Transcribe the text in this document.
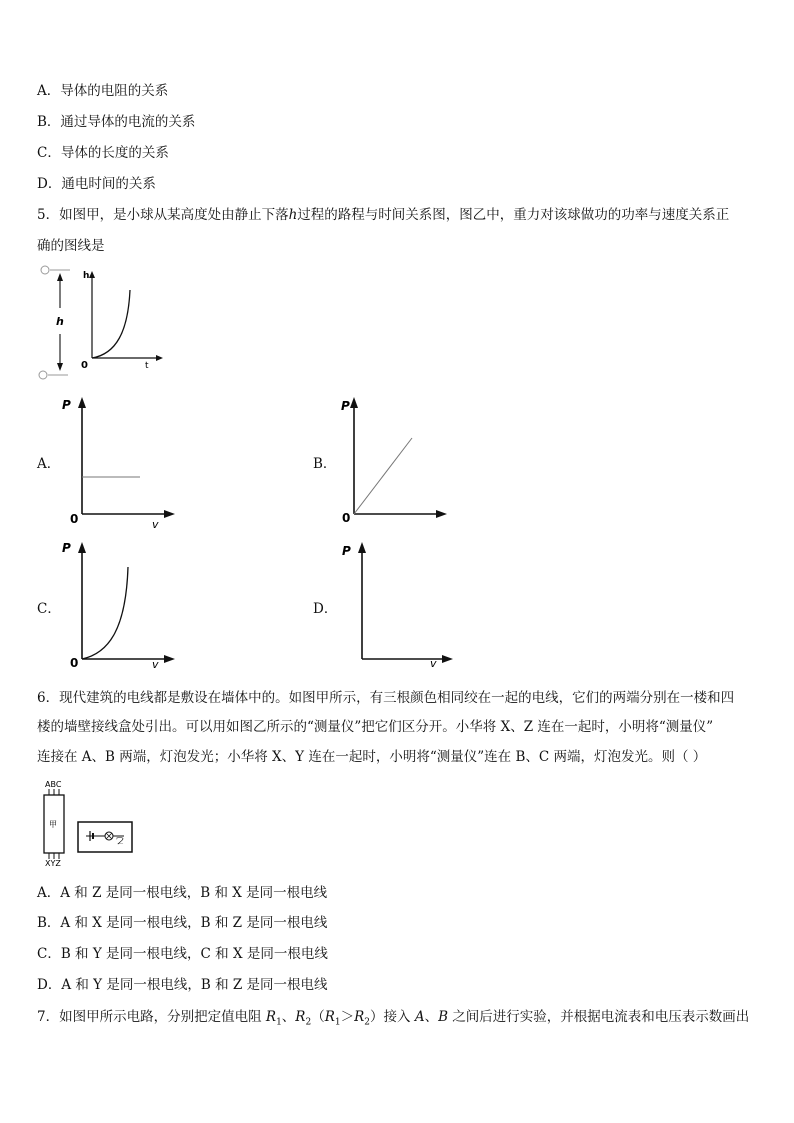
A．导体的电阻的关系
B．通过导体的电流的关系
C．导体的长度的关系
D．通电时间的关系
5．如图甲，是小球从某高度处由静止下落h过程的路程与时间关系图，图乙中，重力对该球做功的功率与速度关系正
确的图线是
h
h
t
0
A．
P
v
0
B．
P
0
C．
P
v
0
D．
P
v
6．现代建筑的电线都是敷设在墙体中的。如图甲所示，有三根颜色相同绞在一起的电线，它们的两端分别在一楼和四
楼的墙壁接线盒处引出。可以用如图乙所示的“测量仪”把它们区分开。小华将 X、Z 连在一起时，小明将“测量仪”
连接在 A、B 两端，灯泡发光；小华将 X、Y 连在一起时，小明将“测量仪”连在 B、C 两端，灯泡发光。则（ ）
ABC
甲
XYZ
乙
A．A 和 Z 是同一根电线，B 和 X 是同一根电线
B．A 和 X 是同一根电线，B 和 Z 是同一根电线
C．B 和 Y 是同一根电线，C 和 X 是同一根电线
D．A 和 Y 是同一根电线，B 和 Z 是同一根电线
7．如图甲所示电路，分别把定值电阻 $R_1$、$R_2(R_1>R_2)$接入 A、B 之间后进行实验，并根据电流表和电压表示数画出
